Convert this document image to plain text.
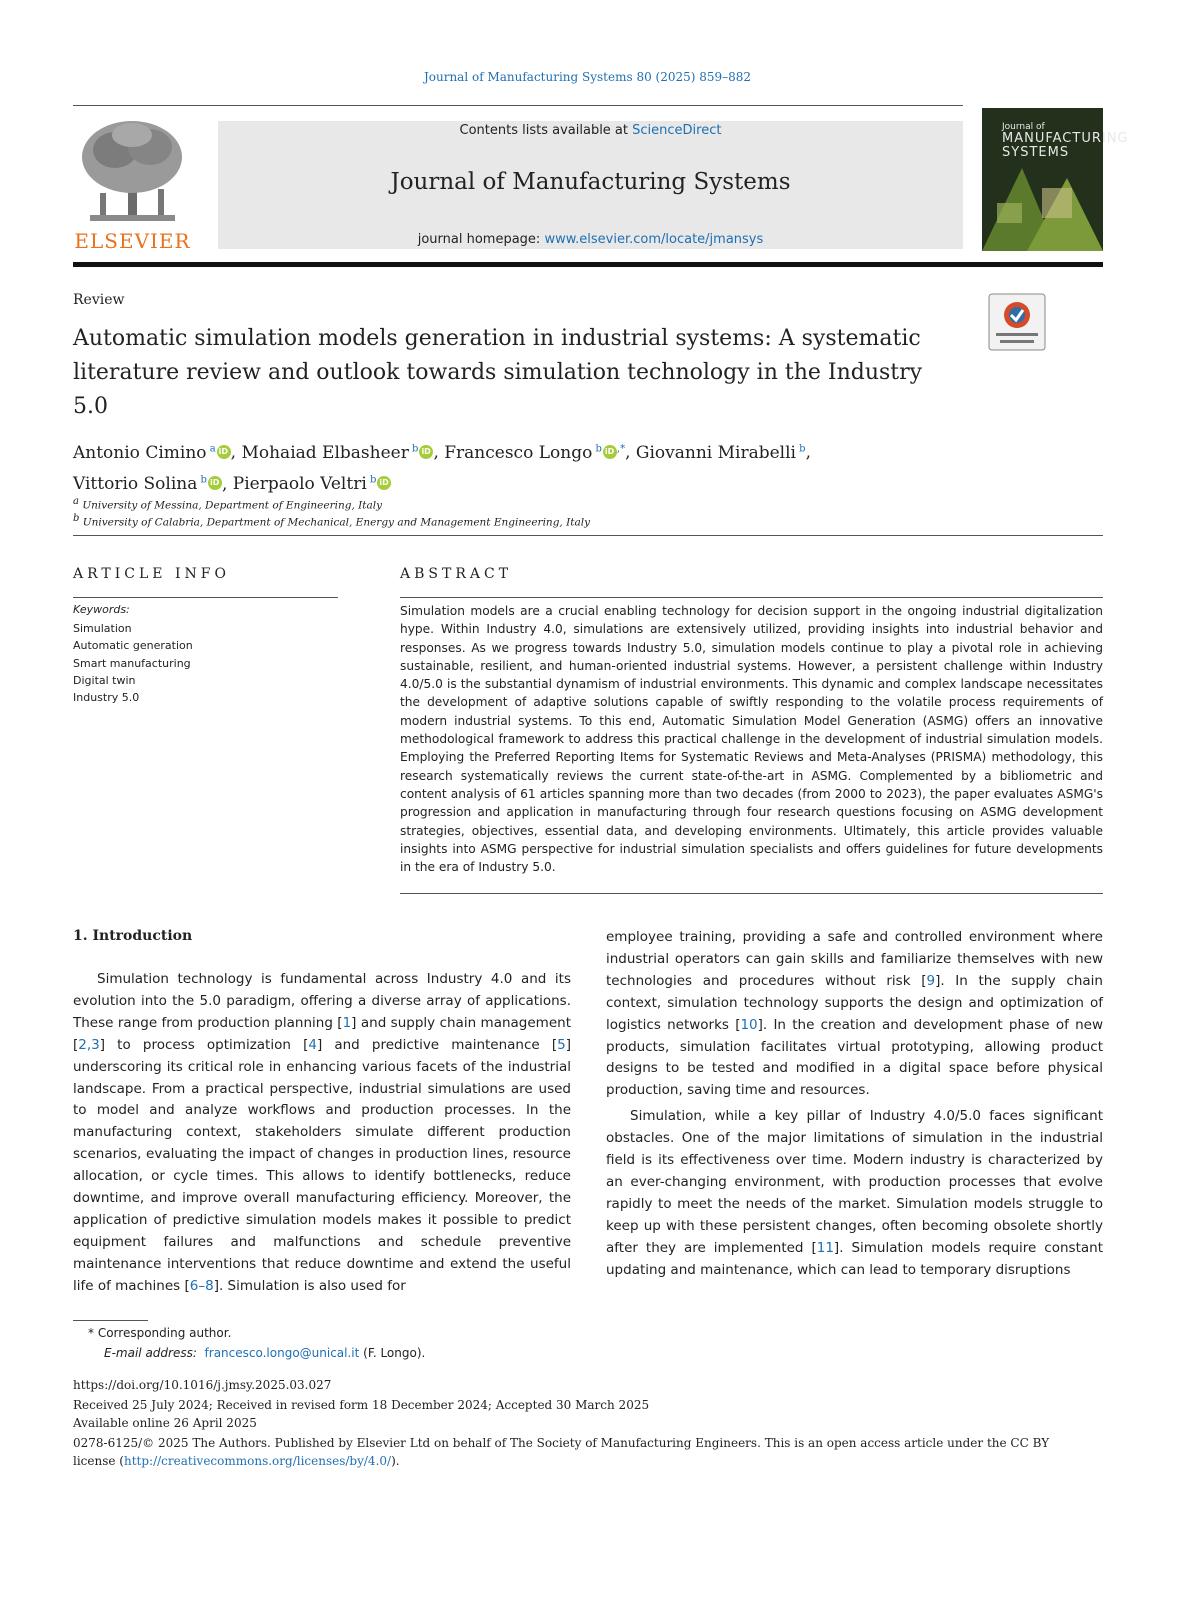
Journal of Manufacturing Systems 80 (2025) 859–882
ELSEVIER
Contents lists available at ScienceDirect
Journal of Manufacturing Systems
journal homepage: www.elsevier.com/locate/jmansys
Journal of
MANUFACTURING SYSTEMS
Review
Automatic simulation models generation in industrial systems: A systematic literature review and outlook towards simulation technology in the Industry 5.0
Antonio Cimino $^a$ iD , Mohaiad Elbasheer $^b$ iD , Francesco Longo $^b$ iD ,*, Giovanni Mirabelli $^b$,
Vittorio Solina $^b$ iD , Pierpaolo Veltri $^b$iD
$^a$ University of Messina, Department of Engineering, Italy
$^b$ University of Calabria, Department of Mechanical, Energy and Management Engineering, Italy
ARTICLE INFO
Keywords:
Simulation
Automatic generation
Smart manufacturing
Digital twin
Industry 5.0
ABSTRACT
Simulation models are a crucial enabling technology for decision support in the ongoing industrial digitalization hype. Within Industry 4.0, simulations are extensively utilized, providing insights into industrial behavior and responses. As we progress towards Industry 5.0, simulation models continue to play a pivotal role in achieving sustainable, resilient, and human-oriented industrial systems. However, a persistent challenge within Industry 4.0/5.0 is the substantial dynamism of industrial environments. This dynamic and complex landscape necessitates the development of adaptive solutions capable of swiftly responding to the volatile process requirements of modern industrial systems. To this end, Automatic Simulation Model Generation (ASMG) offers an innovative methodological framework to address this practical challenge in the development of industrial simulation models. Employing the Preferred Reporting Items for Systematic Reviews and Meta-Analyses (PRISMA) methodology, this research systematically reviews the current state-of-the-art in ASMG. Complemented by a bibliometric and content analysis of 61 articles spanning more than two decades (from 2000 to 2023), the paper evaluates ASMG's progression and application in manufacturing through four research questions focusing on ASMG development strategies, objectives, essential data, and developing environments. Ultimately, this article provides valuable insights into ASMG perspective for industrial simulation specialists and offers guidelines for future developments in the era of Industry 5.0.
1. Introduction

Simulation technology is fundamental across Industry 4.0 and its evolution into the 5.0 paradigm, offering a diverse array of applications. These range from production planning [1] and supply chain management [2,3] to process optimization [4] and predictive maintenance [5] underscoring its critical role in enhancing various facets of the industrial landscape. From a practical perspective, industrial simulations are used to model and analyze workflows and production processes. In the manufacturing context, stakeholders simulate different production scenarios, evaluating the impact of changes in production lines, resource allocation, or cycle times. This allows to identify bottlenecks, reduce downtime, and improve overall manufacturing efficiency. Moreover, the application of predictive simulation models makes it possible to predict equipment failures and malfunctions and schedule preventive maintenance interventions that reduce downtime and extend the useful life of machines [6–8]. Simulation is also used for

employee training, providing a safe and controlled environment where industrial operators can gain skills and familiarize themselves with new technologies and procedures without risk [9]. In the supply chain context, simulation technology supports the design and optimization of logistics networks [10]. In the creation and development phase of new products, simulation facilitates virtual prototyping, allowing product designs to be tested and modified in a digital space before physical production, saving time and resources.

Simulation, while a key pillar of Industry 4.0/5.0 faces significant obstacles. One of the major limitations of simulation in the industrial field is its effectiveness over time. Modern industry is characterized by an ever-changing environment, with production processes that evolve rapidly to meet the needs of the market. Simulation models struggle to keep up with these persistent changes, often becoming obsolete shortly after they are implemented [11]. Simulation models require constant updating and maintenance, which can lead to temporary disruptions

* Corresponding author.
E-mail address: francesco.longo@unical.it (F. Longo).
https://doi.org/10.1016/j.jmsy.2025.03.027
Received 25 July 2024; Received in revised form 18 December 2024; Accepted 30 March 2025
Available online 26 April 2025
0278-6125/© 2025 The Authors. Published by Elsevier Ltd on behalf of The Society of Manufacturing Engineers. This is an open access article under the CC BY
license (http://creativecommons.org/licenses/by/4.0/).
